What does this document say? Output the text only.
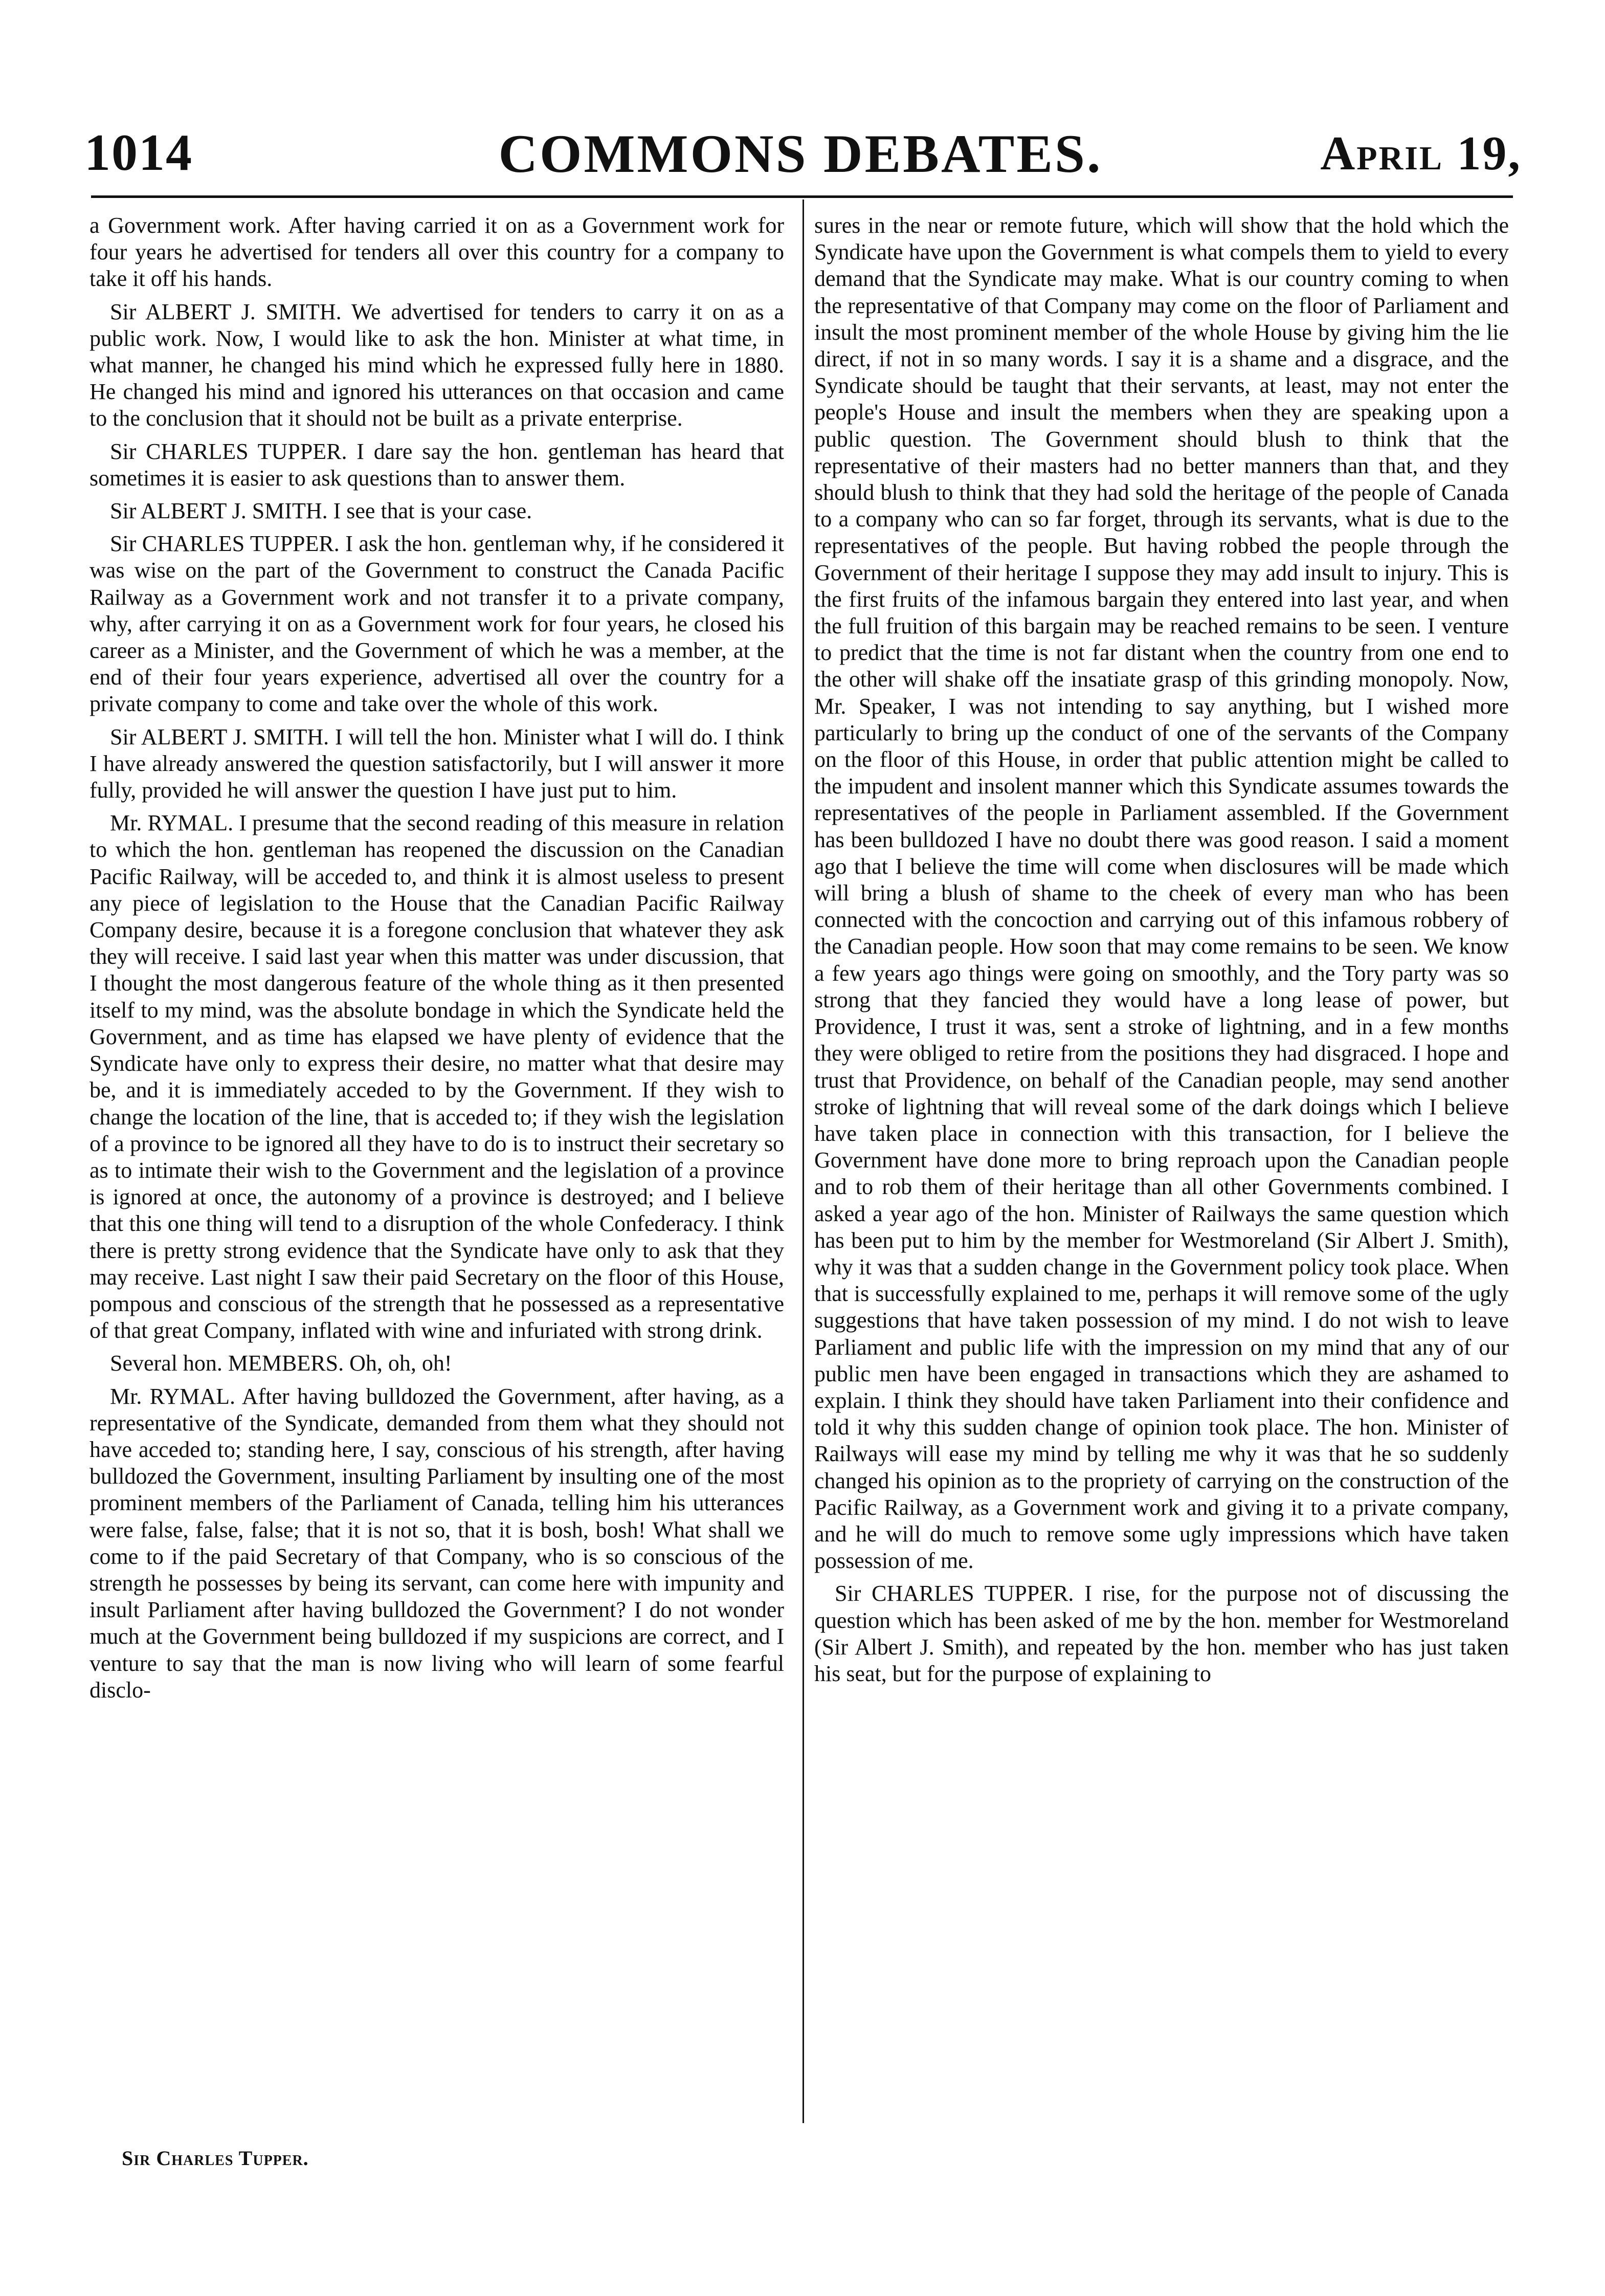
1014	COMMONS DEBATES.	April 19,

a Government work. After having carried it on as a Government work for four years he advertised for tenders all over this country for a company to take it off his hands.

Sir ALBERT J. SMITH. We advertised for tenders to carry it on as a public work. Now, I would like to ask the hon. Minister at what time, in what manner, he changed his mind which he expressed fully here in 1880. He changed his mind and ignored his utterances on that occasion and came to the conclusion that it should not be built as a private enterprise.

Sir CHARLES TUPPER. I dare say the hon. gentleman has heard that sometimes it is easier to ask questions than to answer them.

Sir ALBERT J. SMITH. I see that is your case.

Sir CHARLES TUPPER. I ask the hon. gentleman why, if he considered it was wise on the part of the Government to construct the Canada Pacific Railway as a Government work and not transfer it to a private company, why, after carrying it on as a Government work for four years, he closed his career as a Minister, and the Government of which he was a member, at the end of their four years experience, advertised all over the country for a private company to come and take over the whole of this work.

Sir ALBERT J. SMITH. I will tell the hon. Minister what I will do. I think I have already answered the question satisfactorily, but I will answer it more fully, provided he will answer the question I have just put to him.

Mr. RYMAL. I presume that the second reading of this measure in relation to which the hon. gentleman has reopened the discussion on the Canadian Pacific Railway, will be acceded to, and think it is almost useless to present any piece of legislation to the House that the Canadian Pacific Railway Company desire, because it is a foregone conclusion that whatever they ask they will receive. I said last year when this matter was under discussion, that I thought the most dangerous feature of the whole thing as it then presented itself to my mind, was the absolute bondage in which the Syndicate held the Government, and as time has elapsed we have plenty of evidence that the Syndicate have only to express their desire, no matter what that desire may be, and it is immediately acceded to by the Government. If they wish to change the location of the line, that is acceded to; if they wish the legislation of a province to be ignored all they have to do is to instruct their secretary so as to intimate their wish to the Government and the legislation of a province is ignored at once, the autonomy of a province is destroyed; and I believe that this one thing will tend to a disruption of the whole Confederacy. I think there is pretty strong evidence that the Syndicate have only to ask that they may receive. Last night I saw their paid Secretary on the floor of this House, pompous and conscious of the strength that he possessed as a representative of that great Company, inflated with wine and infuriated with strong drink.

Several hon. MEMBERS. Oh, oh, oh!

Mr. RYMAL. After having bulldozed the Government, after having, as a representative of the Syndicate, demanded from them what they should not have acceded to; standing here, I say, conscious of his strength, after having bulldozed the Government, insulting Parliament by insulting one of the most prominent members of the Parliament of Canada, telling him his utterances were false, false, false; that it is not so, that it is bosh, bosh! What shall we come to if the paid Secretary of that Company, who is so conscious of the strength he possesses by being its servant, can come here with impunity and insult Parliament after having bulldozed the Government? I do not wonder much at the Government being bulldozed if my suspicions are correct, and I venture to say that the man is now living who will learn of some fearful disclo-

sures in the near or remote future, which will show that the hold which the Syndicate have upon the Government is what compels them to yield to every demand that the Syndicate may make. What is our country coming to when the representative of that Company may come on the floor of Parliament and insult the most prominent member of the whole House by giving him the lie direct, if not in so many words. I say it is a shame and a disgrace, and the Syndicate should be taught that their servants, at least, may not enter the people's House and insult the members when they are speaking upon a public question. The Government should blush to think that the representative of their masters had no better manners than that, and they should blush to think that they had sold the heritage of the people of Canada to a company who can so far forget, through its servants, what is due to the representatives of the people. But having robbed the people through the Government of their heritage I suppose they may add insult to injury. This is the first fruits of the infamous bargain they entered into last year, and when the full fruition of this bargain may be reached remains to be seen. I venture to predict that the time is not far distant when the country from one end to the other will shake off the insatiate grasp of this grinding monopoly. Now, Mr. Speaker, I was not intending to say anything, but I wished more particularly to bring up the conduct of one of the servants of the Company on the floor of this House, in order that public attention might be called to the impudent and insolent manner which this Syndicate assumes towards the representatives of the people in Parliament assembled. If the Government has been bulldozed I have no doubt there was good reason. I said a moment ago that I believe the time will come when disclosures will be made which will bring a blush of shame to the cheek of every man who has been connected with the concoction and carrying out of this infamous robbery of the Canadian people. How soon that may come remains to be seen. We know a few years ago things were going on smoothly, and the Tory party was so strong that they fancied they would have a long lease of power, but Providence, I trust it was, sent a stroke of lightning, and in a few months they were obliged to retire from the positions they had disgraced. I hope and trust that Providence, on behalf of the Canadian people, may send another stroke of lightning that will reveal some of the dark doings which I believe have taken place in connection with this transaction, for I believe the Government have done more to bring reproach upon the Canadian people and to rob them of their heritage than all other Governments combined. I asked a year ago of the hon. Minister of Railways the same question which has been put to him by the member for Westmoreland (Sir Albert J. Smith), why it was that a sudden change in the Government policy took place. When that is successfully explained to me, perhaps it will remove some of the ugly suggestions that have taken possession of my mind. I do not wish to leave Parliament and public life with the impression on my mind that any of our public men have been engaged in transactions which they are ashamed to explain. I think they should have taken Parliament into their confidence and told it why this sudden change of opinion took place. The hon. Minister of Railways will ease my mind by telling me why it was that he so suddenly changed his opinion as to the propriety of carrying on the construction of the Pacific Railway, as a Government work and giving it to a private company, and he will do much to remove some ugly impressions which have taken possession of me.

Sir CHARLES TUPPER. I rise, for the purpose not of discussing the question which has been asked of me by the hon. member for Westmoreland (Sir Albert J. Smith), and repeated by the hon. member who has just taken his seat, but for the purpose of explaining to

Sir Charles Tupper.
